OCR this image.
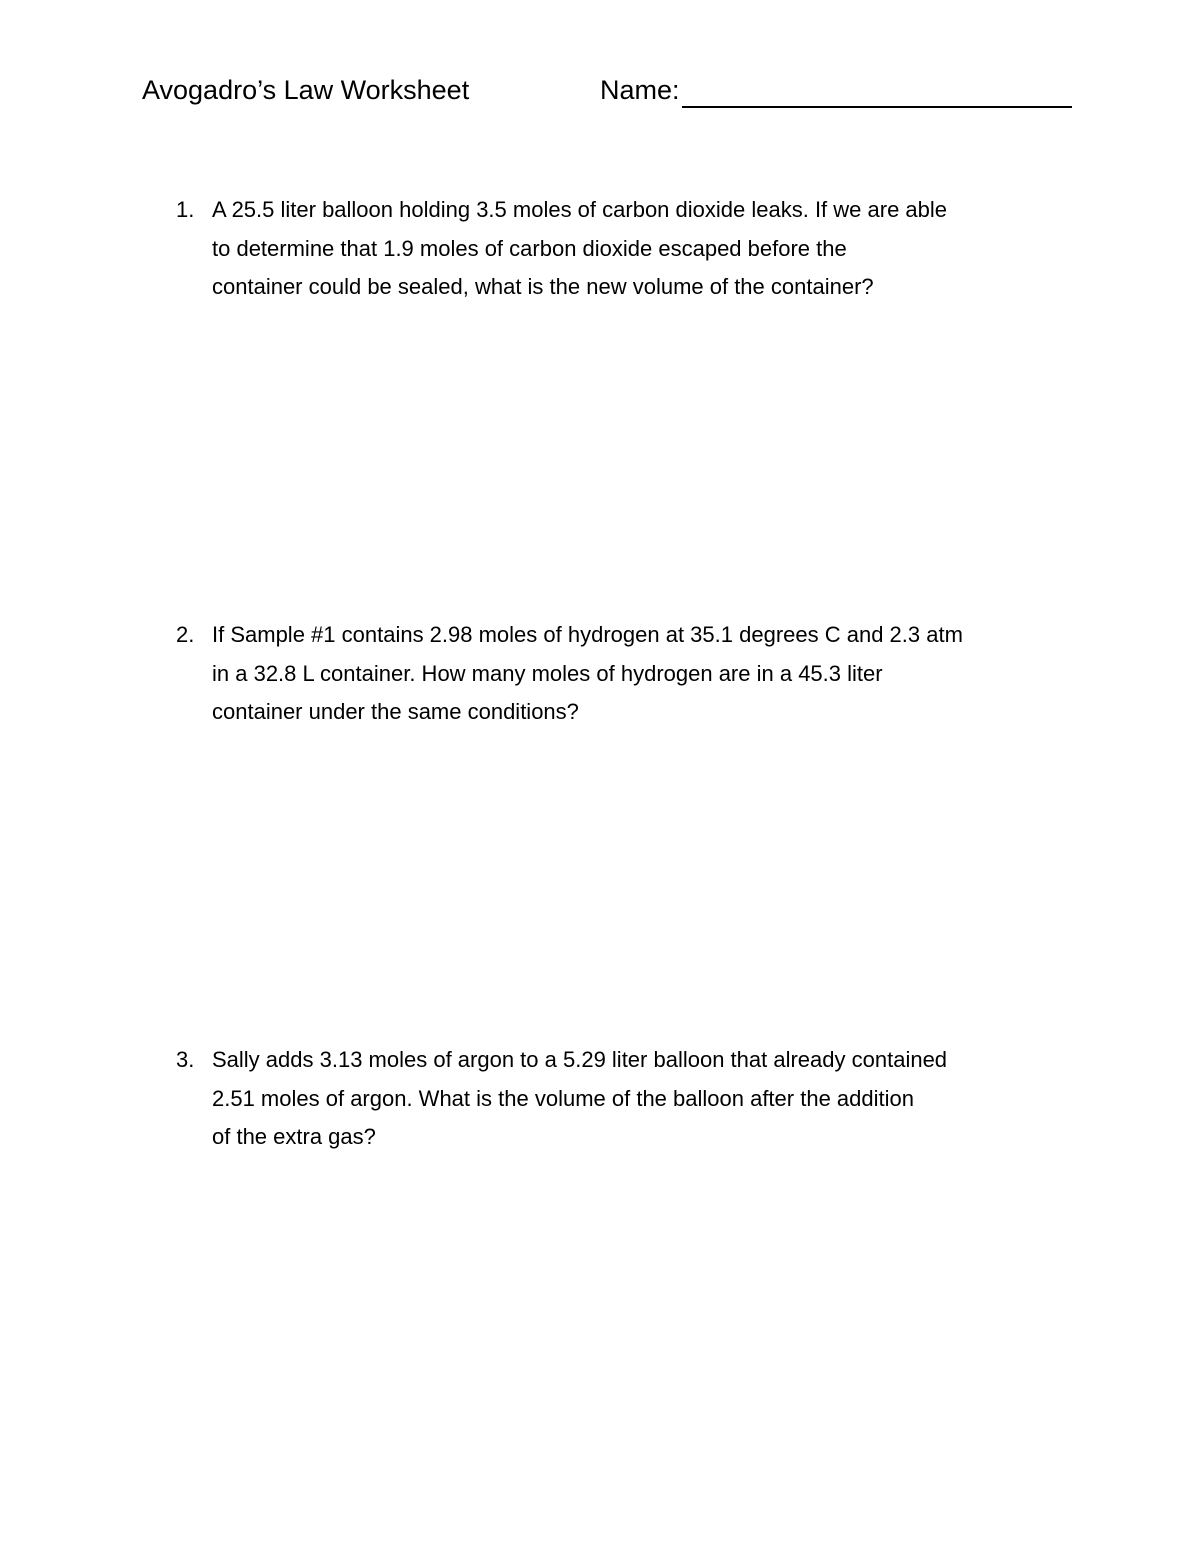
Avogadro’s Law Worksheet	Name:
1. A 25.5 liter balloon holding 3.5 moles of carbon dioxide leaks. If we are able
to determine that 1.9 moles of carbon dioxide escaped before the
container could be sealed, what is the new volume of the container?
2. If Sample #1 contains 2.98 moles of hydrogen at 35.1 degrees C and 2.3 atm
in a 32.8 L container. How many moles of hydrogen are in a 45.3 liter
container under the same conditions?
3. Sally adds 3.13 moles of argon to a 5.29 liter balloon that already contained
2.51 moles of argon. What is the volume of the balloon after the addition
of the extra gas?
